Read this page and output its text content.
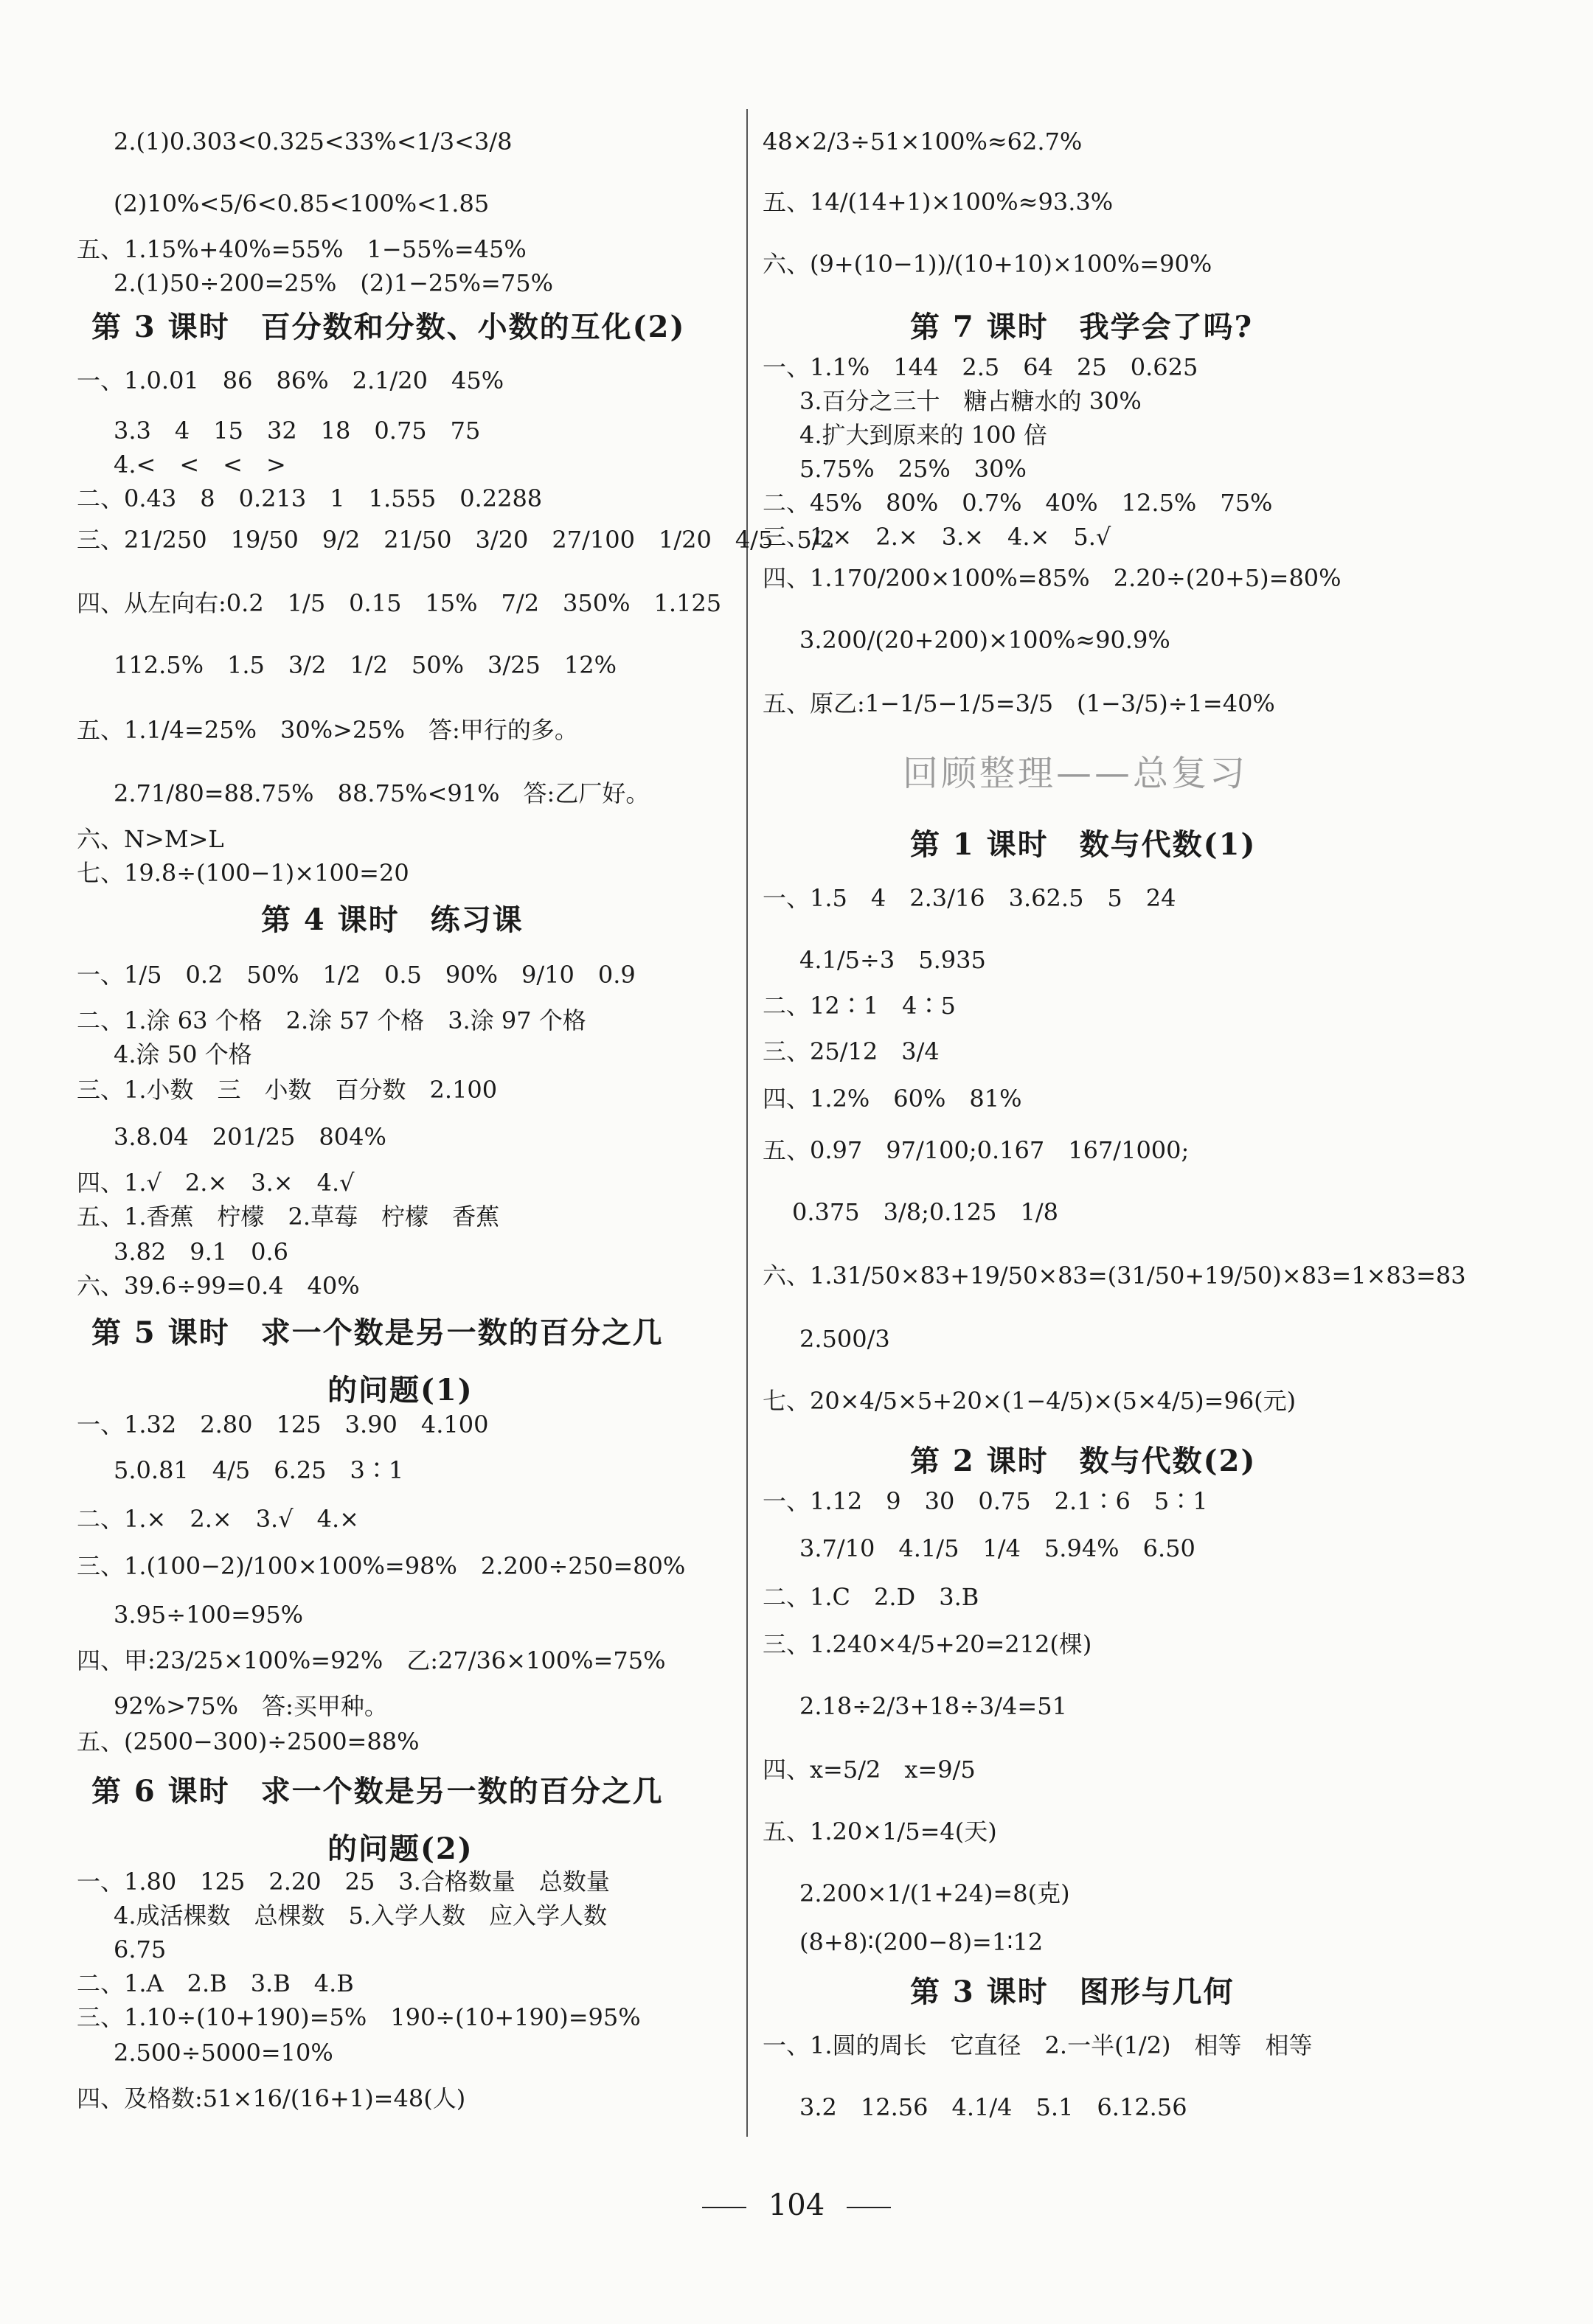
2.(1)0.303<0.325<33%<1/3<3/8
(2)10%<5/6<0.85<100%<1.85
五、1.15%+40%=55%　1−55%=45%
2.(1)50÷200=25%　(2)1−25%=75%
第 3 课时　百分数和分数、小数的互化(2)
一、1.0.01　86　86%　2.1/20　45%
3.3　4　15　32　18　0.75　75
4.<　<　<　>
二、0.43　8　0.213　1　1.555　0.2288
三、21/250　19/50　9/2　21/50　3/20　27/100　1/20　4/5　5/2
四、从左向右:0.2　1/5　0.15　15%　7/2　350%　1.125
112.5%　1.5　3/2　1/2　50%　3/25　12%
五、1.1/4=25%　30%>25%　答:甲行的多。
2.71/80=88.75%　88.75%<91%　答:乙厂好。
六、N>M>L
七、19.8÷(100−1)×100=20
第 4 课时　练习课
一、1/5　0.2　50%　1/2　0.5　90%　9/10　0.9
二、1.涂 63 个格　2.涂 57 个格　3.涂 97 个格
4.涂 50 个格
三、1.小数　三　小数　百分数　2.100
3.8.04　201/25　804%
四、1.√　2.×　3.×　4.√
五、1.香蕉　柠檬　2.草莓　柠檬　香蕉
3.82　9.1　0.6
六、39.6÷99=0.4　40%
第 5 课时　求一个数是另一数的百分之几
的问题(1)
一、1.32　2.80　125　3.90　4.100
5.0.81　4/5　6.25　3∶1
二、1.×　2.×　3.√　4.×
三、1.(100−2)/100×100%=98%　2.200÷250=80%
3.95÷100=95%
四、甲:23/25×100%=92%　乙:27/36×100%=75%
92%>75%　答:买甲种。
五、(2500−300)÷2500=88%
第 6 课时　求一个数是另一数的百分之几
的问题(2)
一、1.80　125　2.20　25　3.合格数量　总数量
4.成活棵数　总棵数　5.入学人数　应入学人数
6.75
二、1.A　2.B　3.B　4.B
三、1.10÷(10+190)=5%　190÷(10+190)=95%
2.500÷5000=10%
四、及格数:51×16/(16+1)=48(人)
48×2/3÷51×100%≈62.7%
五、14/(14+1)×100%≈93.3%
六、(9+(10−1))/(10+10)×100%=90%
第 7 课时　我学会了吗?
一、1.1%　144　2.5　64　25　0.625
3.百分之三十　糖占糖水的 30%
4.扩大到原来的 100 倍
5.75%　25%　30%
二、45%　80%　0.7%　40%　12.5%　75%
三、1.×　2.×　3.×　4.×　5.√
四、1.170/200×100%=85%　2.20÷(20+5)=80%
3.200/(20+200)×100%≈90.9%
五、原乙:1−1/5−1/5=3/5　(1−3/5)÷1=40%
回顾整理——总复习
第 1 课时　数与代数(1)
一、1.5　4　2.3/16　3.62.5　5　24
4.1/5÷3　5.935
二、12∶1　4∶5
三、25/12　3/4
四、1.2%　60%　81%
五、0.97　97/100;0.167　167/1000;
0.375　3/8;0.125　1/8
六、1.31/50×83+19/50×83=(31/50+19/50)×83=1×83=83
2.500/3
七、20×4/5×5+20×(1−4/5)×(5×4/5)=96(元)
第 2 课时　数与代数(2)
一、1.12　9　30　0.75　2.1∶6　5∶1
3.7/10　4.1/5　1/4　5.94%　6.50
二、1.C　2.D　3.B
三、1.240×4/5+20=212(棵)
2.18÷2/3+18÷3/4=51
四、x=5/2　x=9/5
五、1.20×1/5=4(天)
2.200×1/(1+24)=8(克)
(8+8)∶(200−8)=1∶12
第 3 课时　图形与几何
一、1.圆的周长　它直径　2.一半(1/2)　相等　相等
3.2　12.56　4.1/4　5.1　6.12.56
104
